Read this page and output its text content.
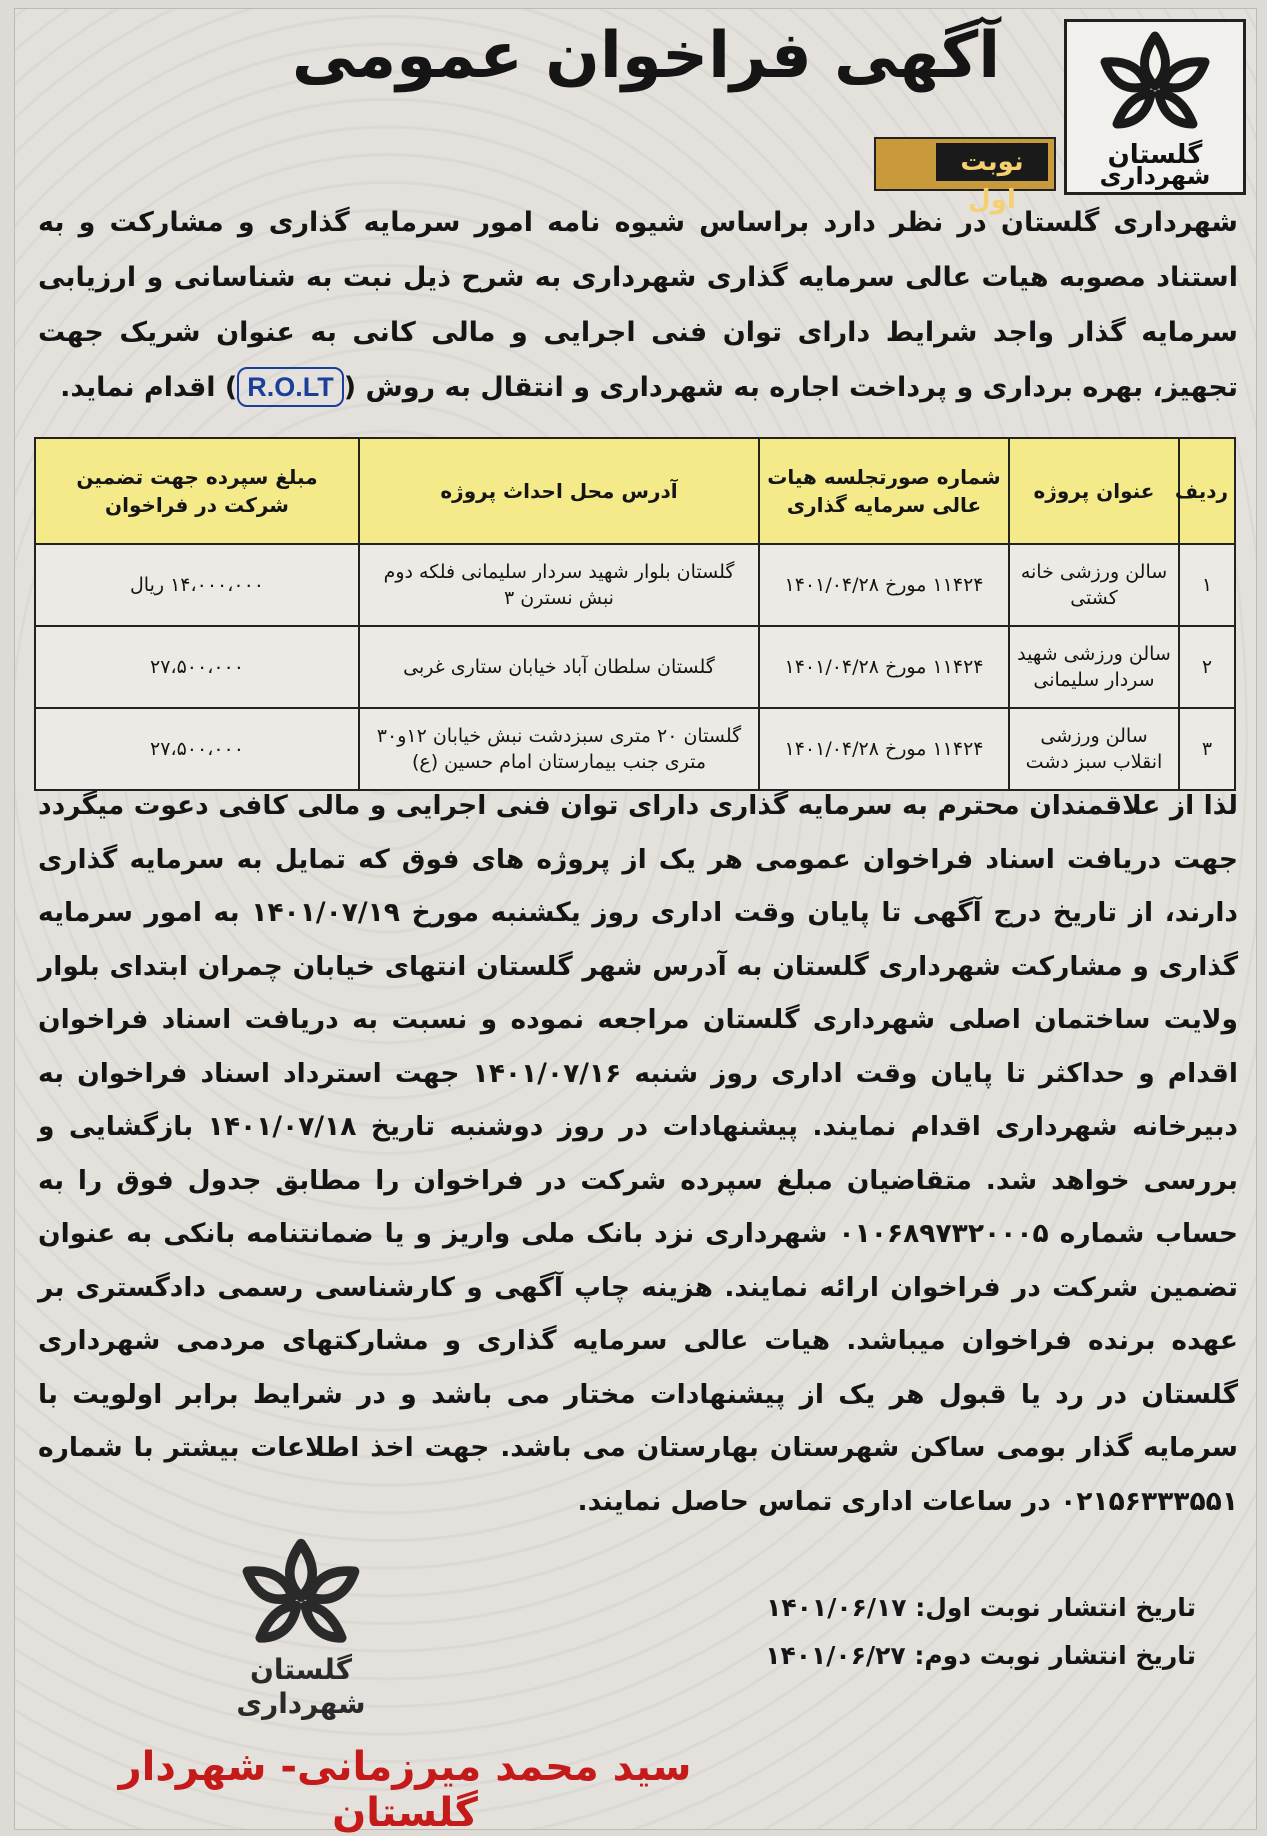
گلستان
شهرداری
آگهی فراخوان عمومی
نوبت اول
شهرداری گلستان در نظر دارد براساس شیوه نامه امور سرمایه گذاری و مشارکت و به استناد مصوبه هیات عالی سرمایه گذاری شهرداری به شرح ذیل نبت به شناسانی و ارزیابی سرمایه گذار واجد شرایط دارای توان فنی اجرایی و مالی کانی به عنوان شریک جهت تجهیز، بهره برداری و پرداخت اجاره به شهرداری و انتقال به روش (R.O.LT) اقدام نماید.
ردیف	عنوان پروژه	شماره صورتجلسه هیات عالی سرمایه گذاری	آدرس محل احداث پروژه	مبلغ سپرده جهت تضمین شرکت در فراخوان
۱	سالن ورزشی خانه کشتی	۱۱۴۲۴ مورخ ۱۴۰۱/۰۴/۲۸	گلستان بلوار شهید سردار سلیمانی فلکه دوم نبش نسترن ۳	۱۴،۰۰۰،۰۰۰ ریال
۲	سالن ورزشی شهید سردار سلیمانی	۱۱۴۲۴ مورخ ۱۴۰۱/۰۴/۲۸	گلستان سلطان آباد خیابان ستاری غربی	۲۷،۵۰۰،۰۰۰
۳	سالن ورزشی انقلاب سبز دشت	۱۱۴۲۴ مورخ ۱۴۰۱/۰۴/۲۸	گلستان ۲۰ متری سبزدشت نبش خیابان ۱۲و۳۰ متری جنب بیمارستان امام حسین (ع)	۲۷،۵۰۰،۰۰۰
لذا از علاقمندان محترم به سرمایه گذاری دارای توان فنی اجرایی و مالی کافی دعوت میگردد جهت دریافت اسناد فراخوان عمومی هر یک از پروژه های فوق که تمایل به سرمایه گذاری دارند، از تاریخ درج آگهی تا پایان وقت اداری روز یکشنبه مورخ ۱۴۰۱/۰۷/۱۹ به امور سرمایه گذاری و مشارکت شهرداری گلستان به آدرس شهر گلستان انتهای خیابان چمران ابتدای بلوار ولایت ساختمان اصلی شهرداری گلستان مراجعه نموده و نسبت به دریافت اسناد فراخوان اقدام و حداکثر تا پایان وقت اداری روز شنبه ۱۴۰۱/۰۷/۱۶ جهت استرداد اسناد فراخوان به دبیرخانه شهرداری اقدام نمایند. پیشنهادات در روز دوشنبه تاریخ ۱۴۰۱/۰۷/۱۸ بازگشایی و بررسی خواهد شد. متقاضیان مبلغ سپرده شرکت در فراخوان را مطابق جدول فوق را به حساب شماره ۰۱۰۶۸۹۷۳۲۰۰۰۵ شهرداری نزد بانک ملی واریز و یا ضمانتنامه بانکی به عنوان تضمین شرکت در فراخوان ارائه نمایند. هزینه چاپ آگهی و کارشناسی رسمی دادگستری بر عهده برنده فراخوان میباشد. هیات عالی سرمایه گذاری و مشارکتهای مردمی شهرداری گلستان در رد یا قبول هر یک از پیشنهادات مختار می باشد و در شرایط برابر اولویت با سرمایه گذار بومی ساکن شهرستان بهارستان می باشد. جهت اخذ اطلاعات بیشتر با شماره ۰۲۱۵۶۳۳۳۵۵۱ در ساعات اداری تماس حاصل نمایند.
تاریخ انتشار نوبت اول: ۱۴۰۱/۰۶/۱۷
تاریخ انتشار نوبت دوم: ۱۴۰۱/۰۶/۲۷
گلستان
شهرداری
سید محمد میرزمانی- شهردار گلستان
